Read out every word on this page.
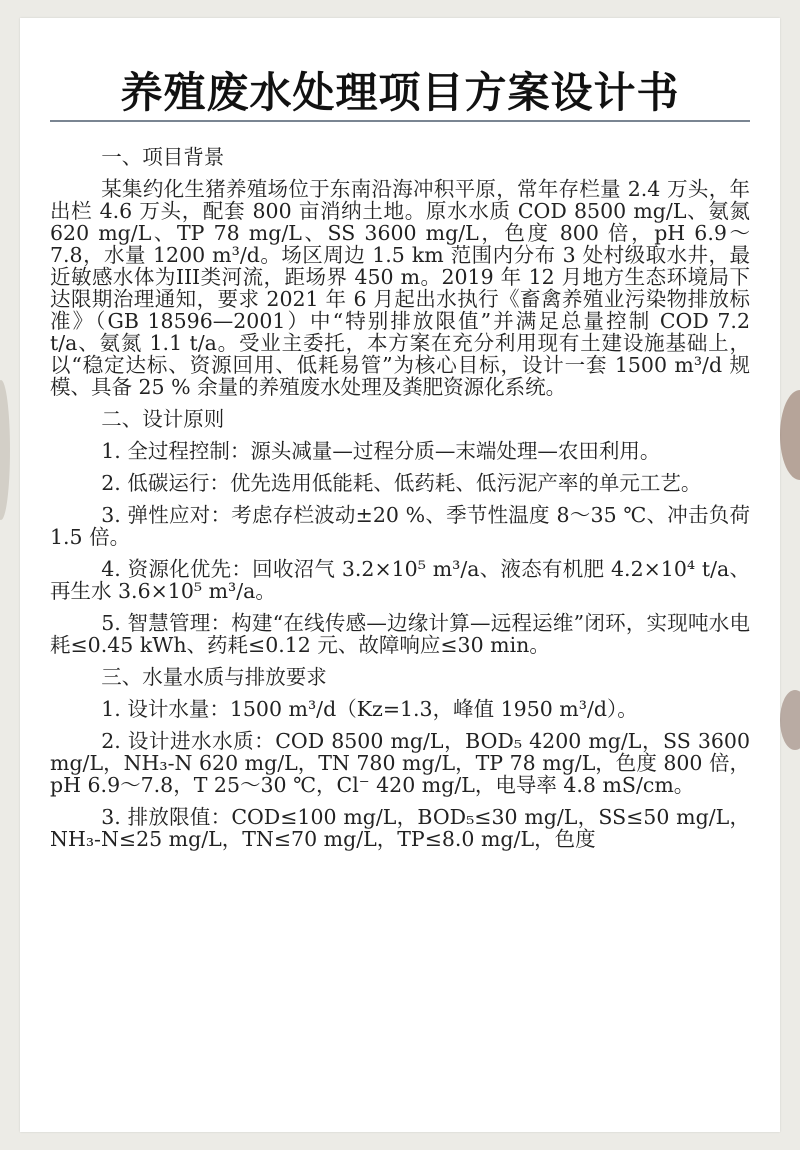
养殖废水处理项目方案设计书
一、项目背景

某集约化生猪养殖场位于东南沿海冲积平原，常年存栏量 2.4 万头，年出栏 4.6 万头，配套 800 亩消纳土地。原水水质 COD 8500 mg/L、氨氮 620 mg/L、TP 78 mg/L、SS 3600 mg/L，色度 800 倍，pH 6.9～7.8，水量 1200 m³/d。场区周边 1.5 km 范围内分布 3 处村级取水井，最近敏感水体为III类河流，距场界 450 m。2019 年 12 月地方生态环境局下达限期治理通知，要求 2021 年 6 月起出水执行《畜禽养殖业污染物排放标准》（GB 18596—2001）中“特别排放限值”并满足总量控制 COD 7.2 t/a、氨氮 1.1 t/a。受业主委托，本方案在充分利用现有土建设施基础上，以“稳定达标、资源回用、低耗易管”为核心目标，设计一套 1500 m³/d 规模、具备 25 % 余量的养殖废水处理及粪肥资源化系统。

二、设计原则

1. 全过程控制：源头减量—过程分质—末端处理—农田利用。

2. 低碳运行：优先选用低能耗、低药耗、低污泥产率的单元工艺。

3. 弹性应对：考虑存栏波动±20 %、季节性温度 8～35 ℃、冲击负荷 1.5 倍。

4. 资源化优先：回收沼气 3.2×10⁵ m³/a、液态有机肥 4.2×10⁴ t/a、再生水 3.6×10⁵ m³/a。

5. 智慧管理：构建“在线传感—边缘计算—远程运维”闭环，实现吨水电耗≤0.45 kWh、药耗≤0.12 元、故障响应≤30 min。

三、水量水质与排放要求

1. 设计水量：1500 m³/d（Kz=1.3，峰值 1950 m³/d）。

2. 设计进水水质：COD 8500 mg/L，BOD₅ 4200 mg/L，SS 3600 mg/L，NH₃-N 620 mg/L，TN 780 mg/L，TP 78 mg/L，色度 800 倍，pH 6.9～7.8，T 25～30 ℃，Cl⁻ 420 mg/L，电导率 4.8 mS/cm。

3. 排放限值：COD≤100 mg/L，BOD₅≤30 mg/L，SS≤50 mg/L，NH₃-N≤25 mg/L，TN≤70 mg/L，TP≤8.0 mg/L，色度
